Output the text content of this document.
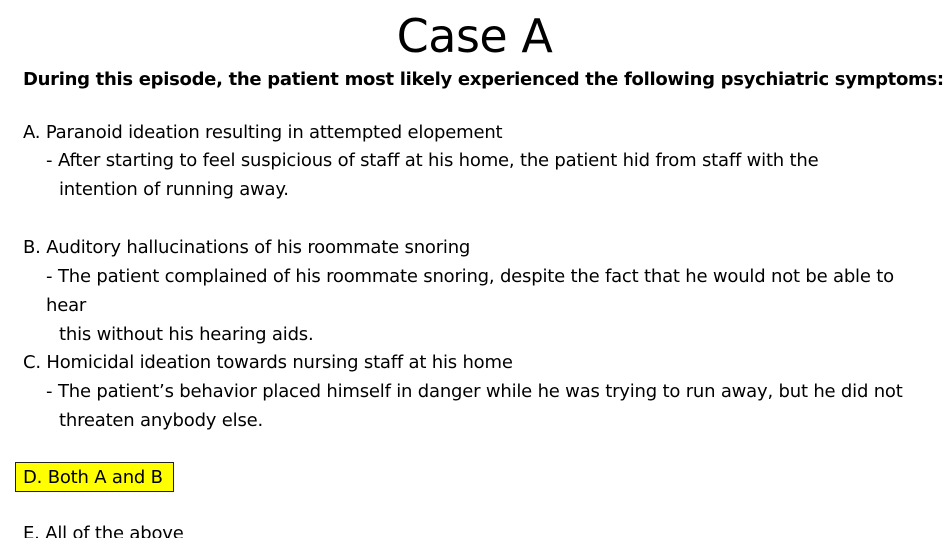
Case A
During this episode, the patient most likely experienced the following psychiatric symptoms:
A. Paranoid ideation resulting in attempted elopement
- After starting to feel suspicious of staff at his home, the patient hid from staff with the
intention of running away.
B. Auditory hallucinations of his roommate snoring
- The patient complained of his roommate snoring, despite the fact that he would not be able to hear
this without his hearing aids.
C. Homicidal ideation towards nursing staff at his home
- The patient’s behavior placed himself in danger while he was trying to run away, but he did not
threaten anybody else.
D. Both A and B
E. All of the above
